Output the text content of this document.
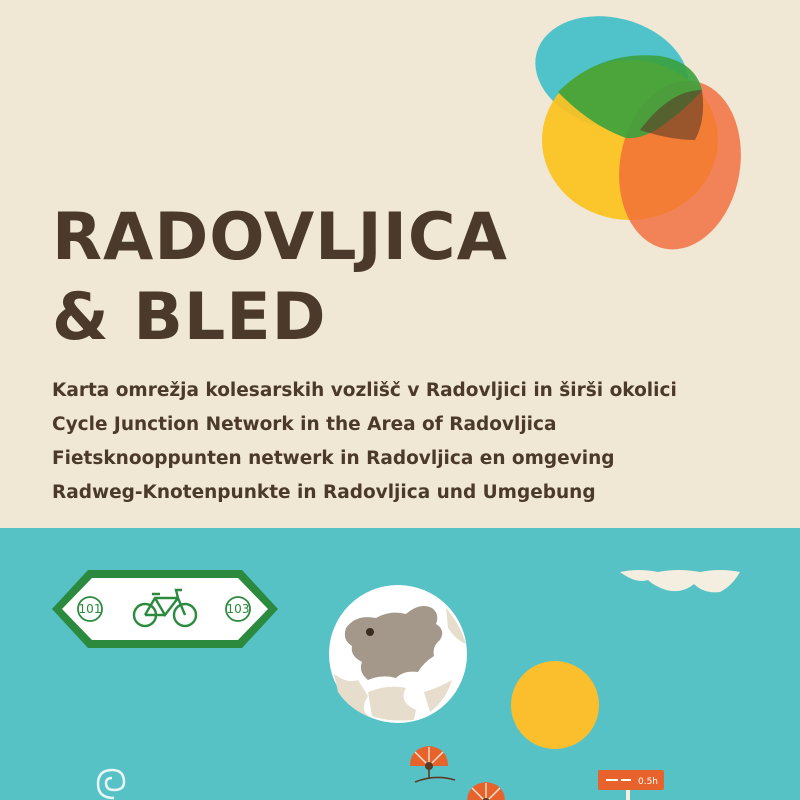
RADOVLJICA
& BLED
Karta omrežja kolesarskih vozlišč v Radovljici in širši okolici
Cycle Junction Network in the Area of Radovljica
Fietsknooppunten netwerk in Radovljica en omgeving
Radweg-Knotenpunkte in Radovljica und Umgebung
101	103
0.5h
